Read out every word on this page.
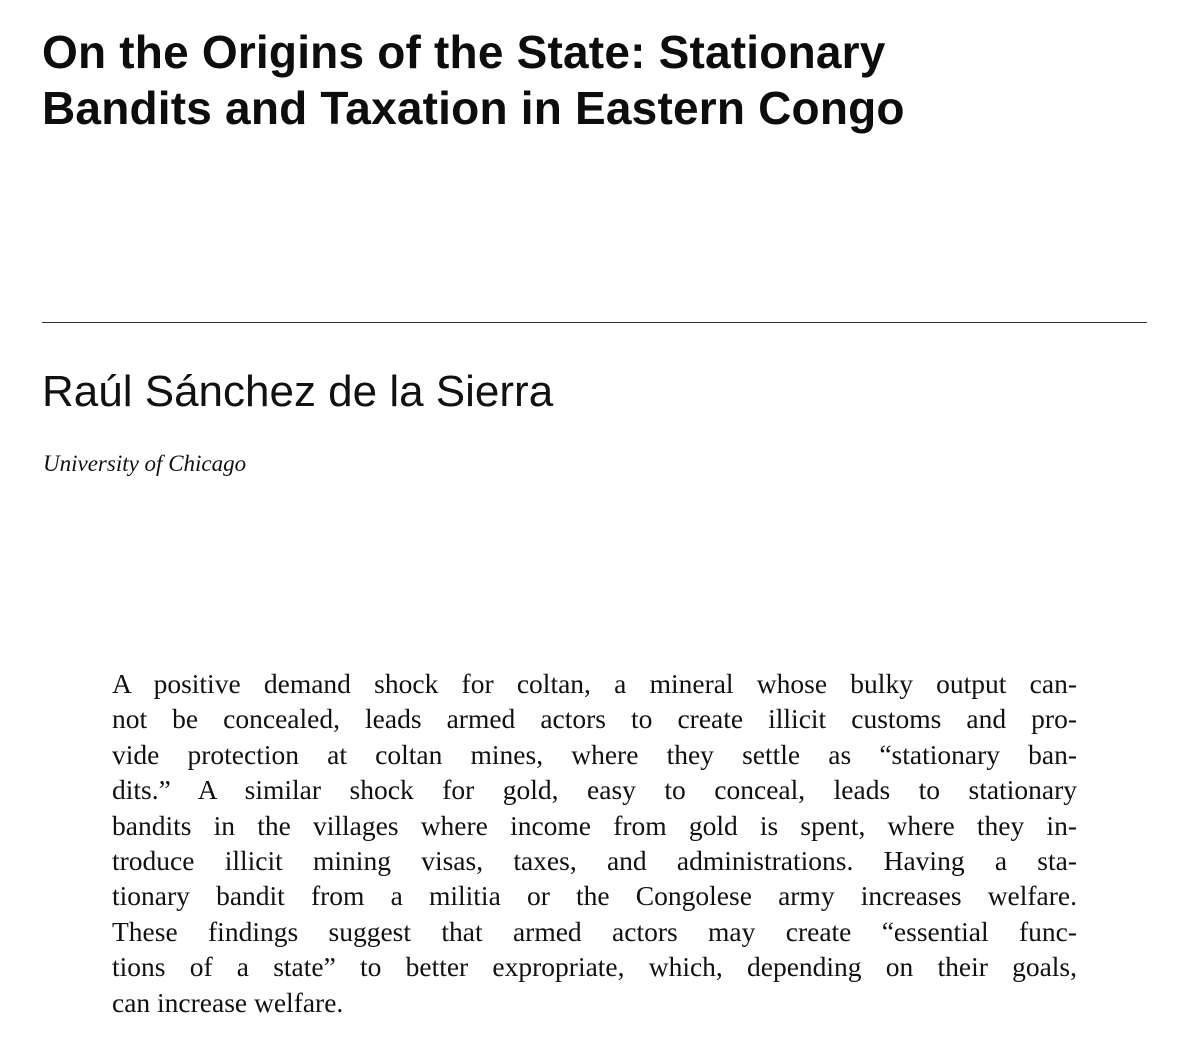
On the Origins of the State: Stationary
Bandits and Taxation in Eastern Congo
Raúl Sánchez de la Sierra
University of Chicago
A positive demand shock for coltan, a mineral whose bulky output can-
not be concealed, leads armed actors to create illicit customs and pro-
vide protection at coltan mines, where they settle as “stationary ban-
dits.” A similar shock for gold, easy to conceal, leads to stationary
bandits in the villages where income from gold is spent, where they in-
troduce illicit mining visas, taxes, and administrations. Having a sta-
tionary bandit from a militia or the Congolese army increases welfare.
These findings suggest that armed actors may create “essential func-
tions of a state” to better expropriate, which, depending on their goals,
can increase welfare.
